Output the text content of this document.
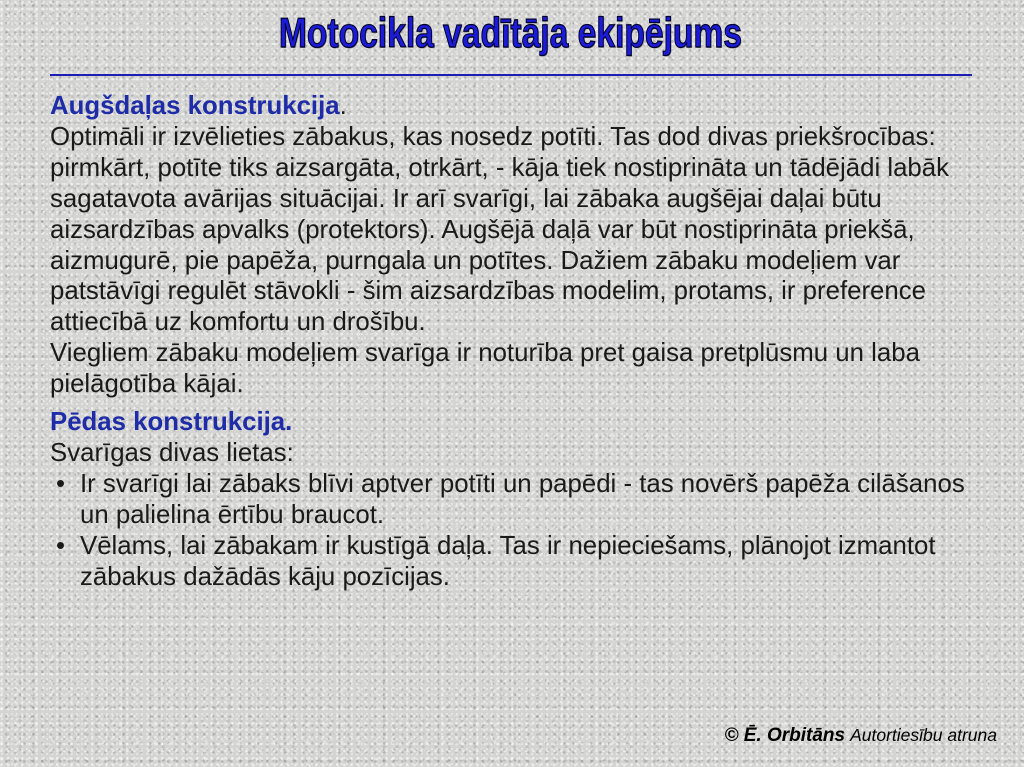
Motocikla vadītāja ekipējums
Augšdaļas konstrukcija.
Optimāli ir izvēlieties zābakus, kas nosedz potīti. Tas dod divas priekšrocības:
pirmkārt, potīte tiks aizsargāta, otrkārt, - kāja tiek nostiprināta un tādējādi labāk
sagatavota avārijas situācijai. Ir arī svarīgi, lai zābaka augšējai daļai būtu
aizsardzības apvalks (protektors). Augšējā daļā var būt nostiprināta priekšā,
aizmugurē, pie papēža, purngala un potītes. Dažiem zābaku modeļiem var
patstāvīgi regulēt stāvokli - šim aizsardzības modelim, protams, ir preference
attiecībā uz komfortu un drošību.
Viegliem zābaku modeļiem svarīga ir noturība pret gaisa pretplūsmu un laba
pielāgotība kājai.
Pēdas konstrukcija.
Svarīgas divas lietas:
• Ir svarīgi lai zābaks blīvi aptver potīti un papēdi - tas novērš papēža cilāšanos
un palielina ērtību braucot.
• Vēlams, lai zābakam ir kustīgā daļa. Tas ir nepieciešams, plānojot izmantot
zābakus dažādās kāju pozīcijas.
© Ē. Orbitāns Autortiesību atruna
